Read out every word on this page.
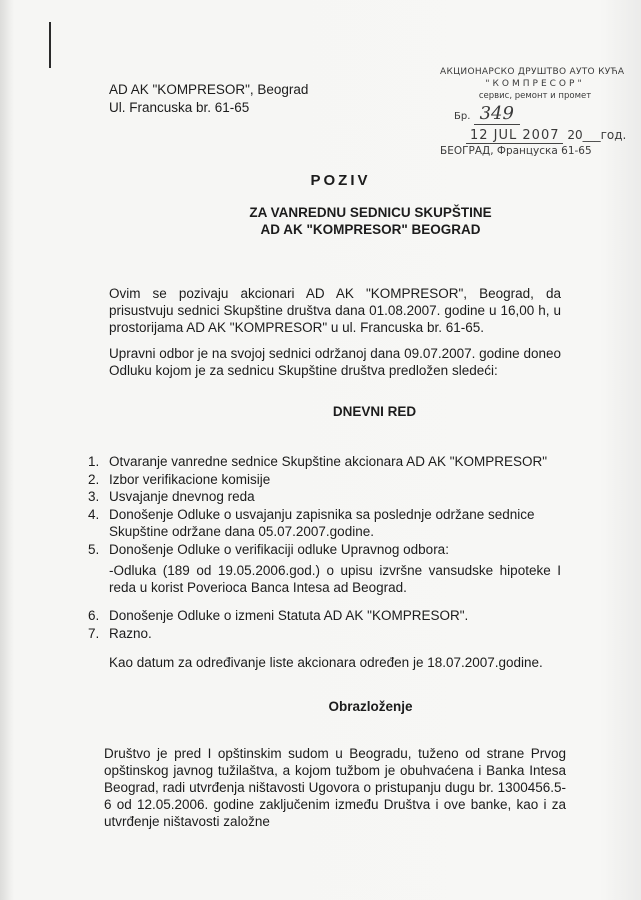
AD AK "KOMPRESOR", Beograd
Ul. Francuska br. 61-65
АКЦИОНАРСКО ДРУШТВО АУТО КУЋА
"КОМПРЕСОР"
сервис, ремонт и промет
Бр. 349
12 JUL 2007 20___год.
БЕОГРАД, Француска 61-65
POZIV
ZA VANREDNU SEDNICU SKUPŠTINE
AD AK "KOMPRESOR" BEOGRAD
Ovim se pozivaju akcionari AD AK "KOMPRESOR", Beograd, da prisustvuju sednici Skupštine društva dana 01.08.2007. godine u 16,00 h, u prostorijama AD AK "KOMPRESOR" u ul. Francuska br. 61-65.
Upravni odbor je na svojoj sednici održanoj dana 09.07.2007. godine doneo Odluku kojom je za sednicu Skupštine društva predložen sledeći:
DNEVNI RED
1. Otvaranje vanredne sednice Skupštine akcionara AD AK "KOMPRESOR"
2. Izbor verifikacione komisije
3. Usvajanje dnevnog reda
4. Donošenje Odluke o usvajanju zapisnika sa poslednje održane sednice
Skupštine održane dana 05.07.2007.godine.
5. Donošenje Odluke o verifikaciji odluke Upravnog odbora:
-Odluka (189 od 19.05.2006.god.) o upisu izvršne vansudske hipoteke I reda u korist Poverioca Banca Intesa ad Beograd.
6. Donošenje Odluke o izmeni Statuta AD AK "KOMPRESOR".
7. Razno.
Kao datum za određivanje liste akcionara određen je 18.07.2007.godine.
Obrazloženje
Društvo je pred I opštinskim sudom u Beogradu, tuženo od strane Prvog opštinskog javnog tužilaštva, a kojom tužbom je obuhvaćena i Banka Intesa Beograd, radi utvrđenja ništavosti Ugovora o pristupanju dugu br. 1300456.5-6 od 12.05.2006. godine zaključenim između Društva i ove banke, kao i za utvrđenje ništavosti založne
